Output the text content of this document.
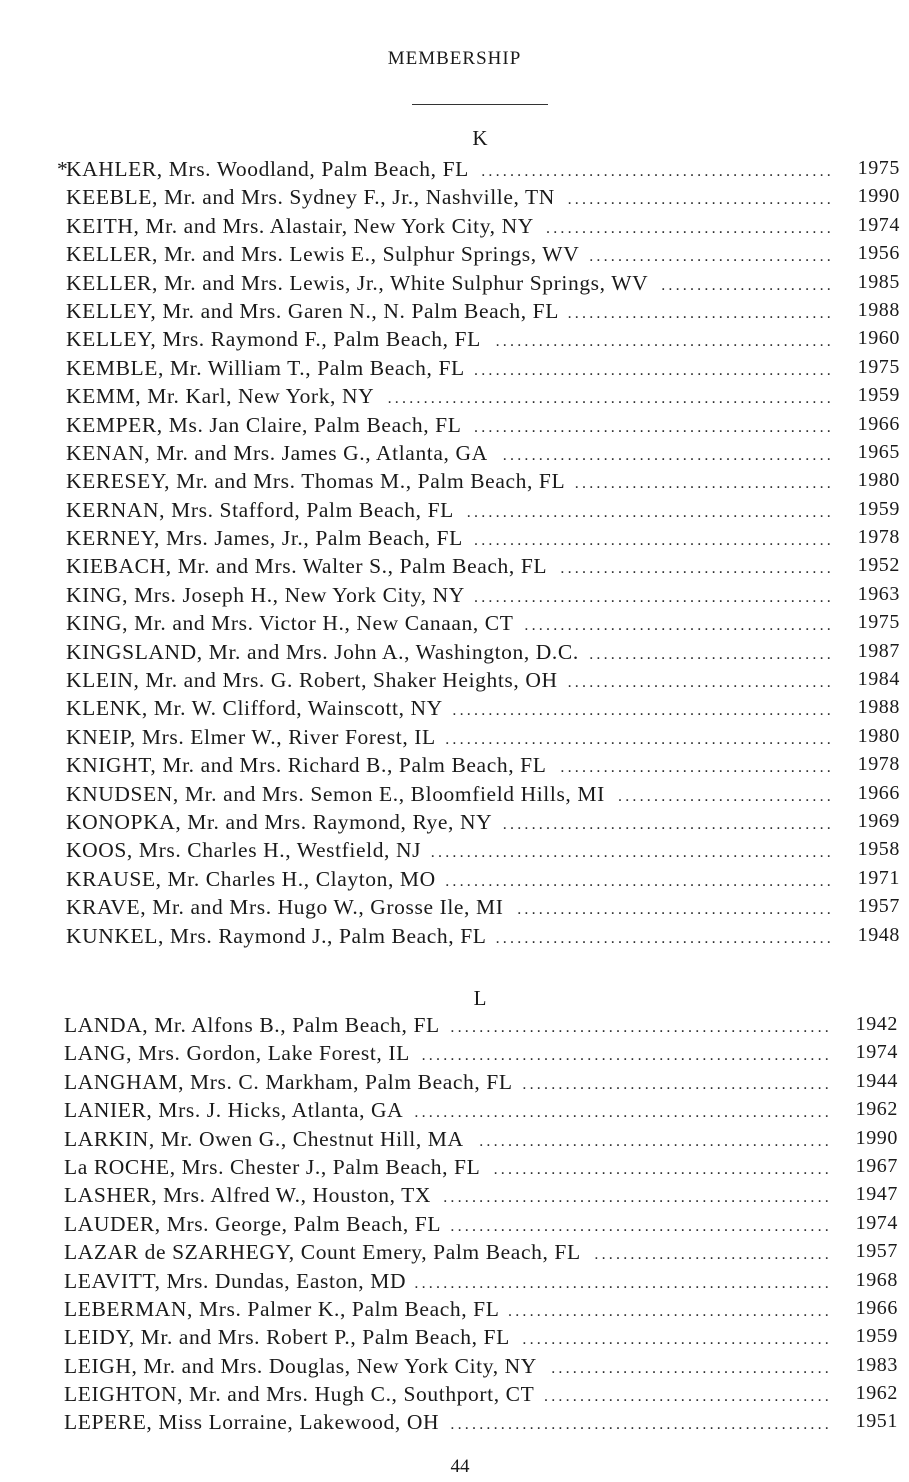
MEMBERSHIP
K
*
KAHLER, Mrs. Woodland, Palm Beach, FL .................................................	1975
KEEBLE, Mr. and Mrs. Sydney F., Jr., Nashville, TN .....................................	1990
KEITH, Mr. and Mrs. Alastair, New York City, NY ........................................	1974
KELLER, Mr. and Mrs. Lewis E., Sulphur Springs, WV ..................................	1956
KELLER, Mr. and Mrs. Lewis, Jr., White Sulphur Springs, WV ........................	1985
KELLEY, Mr. and Mrs. Garen N., N. Palm Beach, FL .....................................	1988
KELLEY, Mrs. Raymond F., Palm Beach, FL ...............................................	1960
KEMBLE, Mr. William T., Palm Beach, FL ..................................................	1975
KEMM, Mr. Karl, New York, NY ..............................................................	1959
KEMPER, Ms. Jan Claire, Palm Beach, FL ..................................................	1966
KENAN, Mr. and Mrs. James G., Atlanta, GA ..............................................	1965
KERESEY, Mr. and Mrs. Thomas M., Palm Beach, FL ....................................	1980
KERNAN, Mrs. Stafford, Palm Beach, FL ...................................................	1959
KERNEY, Mrs. James, Jr., Palm Beach, FL ..................................................	1978
KIEBACH, Mr. and Mrs. Walter S., Palm Beach, FL ......................................	1952
KING, Mrs. Joseph H., New York City, NY ..................................................	1963
KING, Mr. and Mrs. Victor H., New Canaan, CT ...........................................	1975
KINGSLAND, Mr. and Mrs. John A., Washington, D.C. ..................................	1987
KLEIN, Mr. and Mrs. G. Robert, Shaker Heights, OH .....................................	1984
KLENK, Mr. W. Clifford, Wainscott, NY .....................................................	1988
KNEIP, Mrs. Elmer W., River Forest, IL ......................................................	1980
KNIGHT, Mr. and Mrs. Richard B., Palm Beach, FL ......................................	1978
KNUDSEN, Mr. and Mrs. Semon E., Bloomfield Hills, MI ..............................	1966
KONOPKA, Mr. and Mrs. Raymond, Rye, NY ..............................................	1969
KOOS, Mrs. Charles H., Westfield, NJ ........................................................	1958
KRAUSE, Mr. Charles H., Clayton, MO ......................................................	1971
KRAVE, Mr. and Mrs. Hugo W., Grosse Ile, MI ............................................	1957
KUNKEL, Mrs. Raymond J., Palm Beach, FL ...............................................	1948
L
LANDA, Mr. Alfons B., Palm Beach, FL .....................................................	1942
LANG, Mrs. Gordon, Lake Forest, IL .........................................................	1974
LANGHAM, Mrs. C. Markham, Palm Beach, FL ...........................................	1944
LANIER, Mrs. J. Hicks, Atlanta, GA ..........................................................	1962
LARKIN, Mr. Owen G., Chestnut Hill, MA .................................................	1990
La ROCHE, Mrs. Chester J., Palm Beach, FL ...............................................	1967
LASHER, Mrs. Alfred W., Houston, TX ......................................................	1947
LAUDER, Mrs. George, Palm Beach, FL .....................................................	1974
LAZAR de SZARHEGY, Count Emery, Palm Beach, FL .................................	1957
LEAVITT, Mrs. Dundas, Easton, MD ..........................................................	1968
LEBERMAN, Mrs. Palmer K., Palm Beach, FL .............................................	1966
LEIDY, Mr. and Mrs. Robert P., Palm Beach, FL ...........................................	1959
LEIGH, Mr. and Mrs. Douglas, New York City, NY .......................................	1983
LEIGHTON, Mr. and Mrs. Hugh C., Southport, CT ........................................	1962
LEPERE, Miss Lorraine, Lakewood, OH .....................................................	1951
44
